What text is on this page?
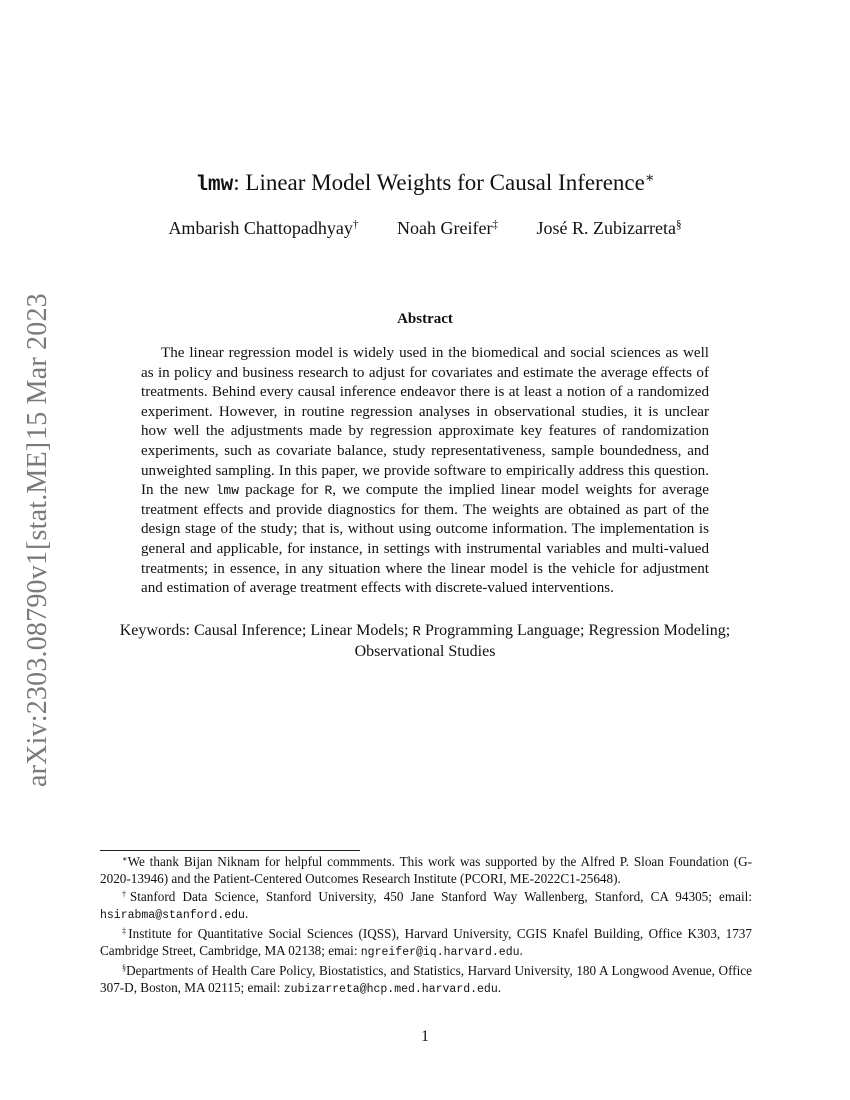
arXiv:2303.08790v1
[stat.ME]
15 Mar 2023
lmw: Linear Model Weights for Causal Inference∗
Ambarish Chattopadhyay† Noah Greifer‡ José R. Zubizarreta§
Abstract

The linear regression model is widely used in the biomedical and social sciences as well as in policy and business research to adjust for covariates and estimate the average effects of treatments. Behind every causal inference endeavor there is at least a notion of a randomized experiment. However, in routine regression analyses in observational studies, it is unclear how well the adjustments made by regression approximate key features of randomization experiments, such as covariate balance, study representativeness, sample boundedness, and unweighted sampling. In this paper, we provide software to empirically address this question. In the new lmw package for R, we compute the implied linear model weights for average treatment effects and provide diagnostics for them. The weights are obtained as part of the design stage of the study; that is, without using outcome information. The implementation is general and applicable, for instance, in settings with instrumental variables and multi-valued treatments; in essence, in any situation where the linear model is the vehicle for adjustment and estimation of average treatment effects with discrete-valued interventions.

Keywords: Causal Inference; Linear Models; R Programming Language; Regression Modeling; Observational Studies

∗We thank Bijan Niknam for helpful commments. This work was supported by the Alfred P. Sloan Foundation (G-2020-13946) and the Patient-Centered Outcomes Research Institute (PCORI, ME-2022C1-25648).

†Stanford Data Science, Stanford University, 450 Jane Stanford Way Wallenberg, Stanford, CA 94305; email: hsirabma@stanford.edu.

‡Institute for Quantitative Social Sciences (IQSS), Harvard University, CGIS Knafel Building, Office K303, 1737 Cambridge Street, Cambridge, MA 02138; emai: ngreifer@iq.harvard.edu.

§Departments of Health Care Policy, Biostatistics, and Statistics, Harvard University, 180 A Longwood Avenue, Office 307-D, Boston, MA 02115; email: zubizarreta@hcp.med.harvard.edu.

1
